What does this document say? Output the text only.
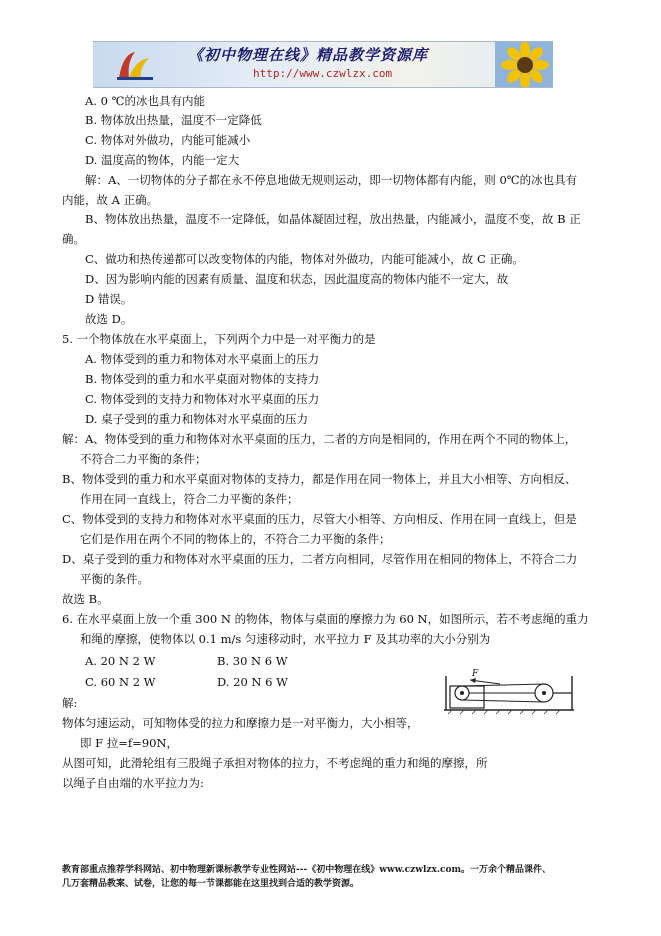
《初中物理在线》精品教学资源库
http://www.czwlzx.com
A. 0 ℃的冰也具有内能
B. 物体放出热量，温度不一定降低
C. 物体对外做功，内能可能减小
D. 温度高的物体，内能一定大
解：A、一切物体的分子都在永不停息地做无规则运动，即一切物体都有内能，则 0℃的冰也具有
内能，故 A 正确。
B、物体放出热量，温度不一定降低，如晶体凝固过程，放出热量，内能减小，温度不变，故 B 正
确。
C、做功和热传递都可以改变物体的内能，物体对外做功，内能可能减小，故 C 正确。
D、因为影响内能的因素有质量、温度和状态，因此温度高的物体内能不一定大，故
D 错误。
故选 D。
5. 一个物体放在水平桌面上，下列两个力中是一对平衡力的是
A. 物体受到的重力和物体对水平桌面上的压力
B. 物体受到的重力和水平桌面对物体的支持力
C. 物体受到的支持力和物体对水平桌面的压力
D. 桌子受到的重力和物体对水平桌面的压力
解：A、物体受到的重力和物体对水平桌面的压力，二者的方向是相同的，作用在两个不同的物体上，
不符合二力平衡的条件；
B、物体受到的重力和水平桌面对物体的支持力，都是作用在同一物体上，并且大小相等、方向相反、
作用在同一直线上，符合二力平衡的条件；
C、物体受到的支持力和物体对水平桌面的压力，尽管大小相等、方向相反、作用在同一直线上，但是
它们是作用在两个不同的物体上的，不符合二力平衡的条件；
D、桌子受到的重力和物体对水平桌面的压力，二者方向相同，尽管作用在相同的物体上，不符合二力
平衡的条件。
故选 B。
6. 在水平桌面上放一个重 300 N 的物体，物体与桌面的摩擦力为 60 N，如图所示，若不考虑绳的重力
和绳的摩擦，使物体以 0.1 m/s 匀速移动时，水平拉力 F 及其功率的大小分别为
A. 20 N 2 W	B. 30 N 6 W
C. 60 N 2 W	D. 20 N 6 W
解:
物体匀速运动，可知物体受的拉力和摩擦力是一对平衡力，大小相等，
即 F 拉=f=90N，
从图可知，此滑轮组有三股绳子承担对物体的拉力，不考虑绳的重力和绳的摩擦，所
以绳子自由端的水平拉力为:
F
教育部重点推荐学科网站、初中物理新课标教学专业性网站---《初中物理在线》www.czwlzx.com。一万余个精品课件、
几万套精品教案、试卷，让您的每一节课都能在这里找到合适的教学资源。
